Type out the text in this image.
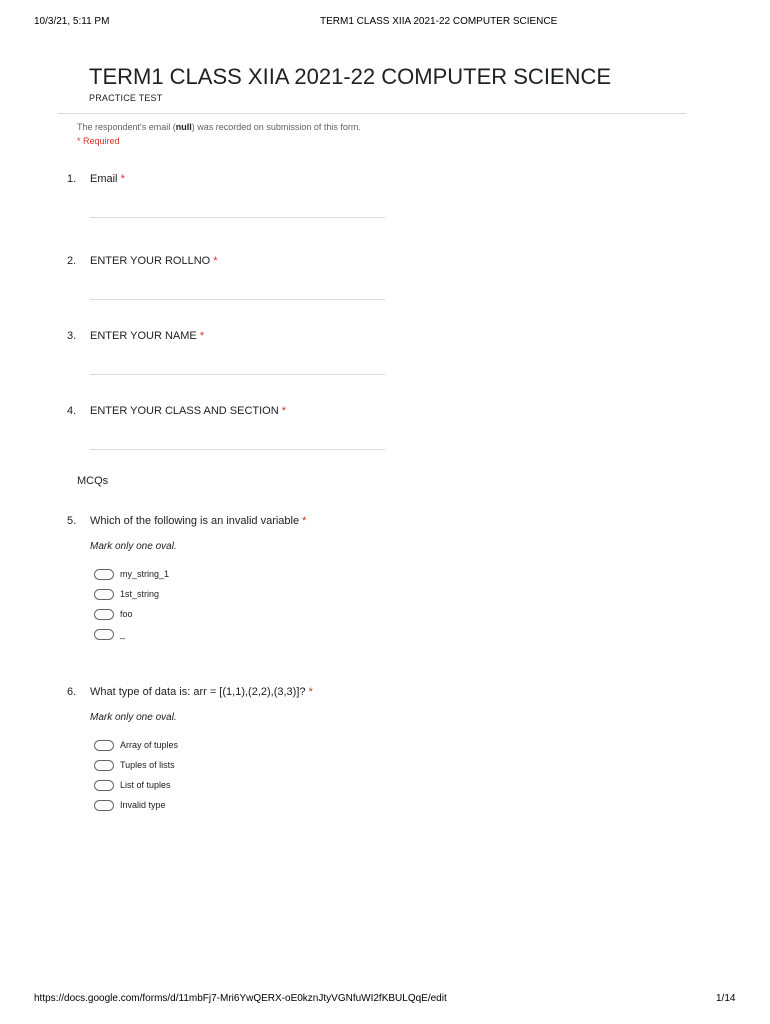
10/3/21, 5:11 PM	TERM1 CLASS XIIA 2021-22 COMPUTER SCIENCE
TERM1 CLASS XIIA 2021-22 COMPUTER SCIENCE
PRACTICE TEST
The respondent's email (null) was recorded on submission of this form.
* Required
1. Email *
2. ENTER YOUR ROLLNO *
3. ENTER YOUR NAME *
4. ENTER YOUR CLASS AND SECTION *
MCQs
5. Which of the following is an invalid variable *
Mark only one oval.
my_string_1
1st_string
foo
_
6. What type of data is: arr = [(1,1),(2,2),(3,3)]? *
Mark only one oval.
Array of tuples
Tuples of lists
List of tuples
Invalid type
https://docs.google.com/forms/d/11mbFj7-Mri6YwQERX-oE0kznJtyVGNfuWI2fKBULQqE/edit	1/14
